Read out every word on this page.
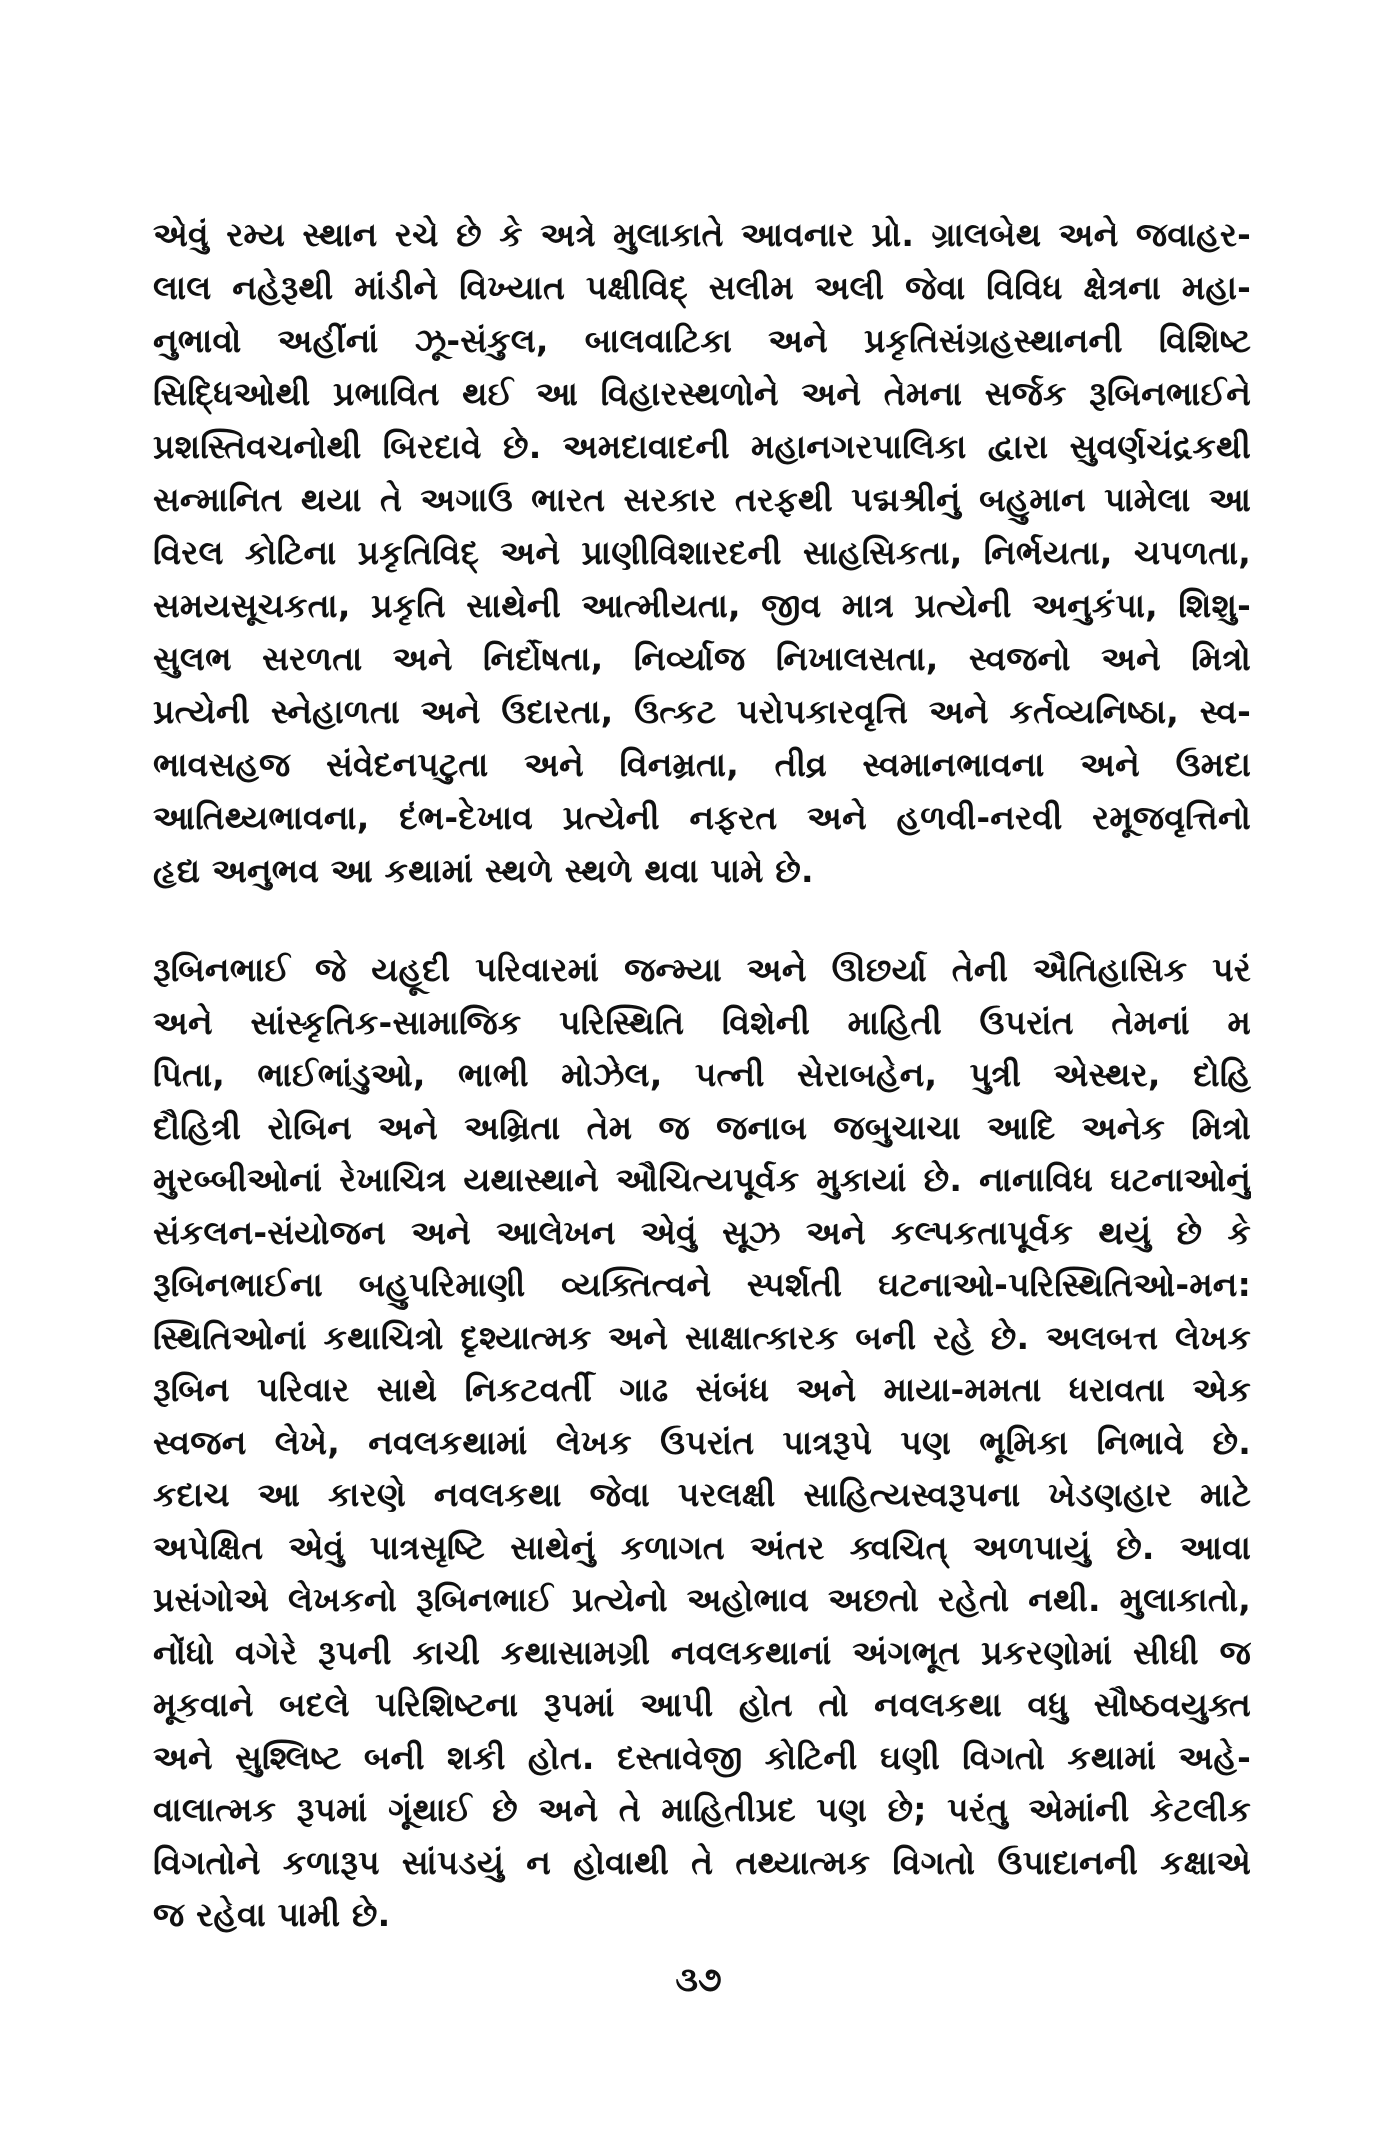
એવું રમ્ય સ્થાન રચે છે કે અત્રે મુલાકાતે આવનાર પ્રો. ગ્રાલબેથ અને જવાહર-
લાલ નહેરૂથી માંડીને વિખ્યાત પક્ષીવિદ્ સલીમ અલી જેવા વિવિધ ક્ષેત્રના મહા-
નુભાવો અહીંનાં ઝૂ-સંકુલ, બાલવાટિકા અને પ્રકૃતિસંગ્રહસ્થાનની વિશિષ્ટ
સિદ્ધિઓથી પ્રભાવિત થઈ આ વિહારસ્થળોને અને તેમના સર્જક રૂબિનભાઈને
પ્રશસ્તિવચનોથી બિરદાવે છે. અમદાવાદની મહાનગરપાલિકા દ્વારા સુવર્ણચંદ્રકથી
સન્માનિત થયા તે અગાઉ ભારત સરકાર તરફથી પદ્મશ્રીનું બહુમાન પામેલા આ
વિરલ કોટિના પ્રકૃતિવિદ્ અને પ્રાણીવિશારદની સાહસિકતા, નિર્ભયતા, ચપળતા,
સમયસૂચકતા, પ્રકૃતિ સાથેની આત્મીયતા, જીવ માત્ર પ્રત્યેની અનુકંપા, શિશુ-
સુલભ સરળતા અને નિર્દોષતા, નિર્વ્યાજ નિખાલસતા, સ્વજનો અને મિત્રો
પ્રત્યેની સ્નેહાળતા અને ઉદારતા, ઉત્કટ પરોપકારવૃત્તિ અને કર્તવ્યનિષ્ઠા, સ્વ-
ભાવસહજ સંવેદનપટુતા અને વિનમ્રતા, તીવ્ર સ્વમાનભાવના અને ઉમદા
આતિથ્યભાવના, દંભ-દેખાવ પ્રત્યેની નફરત અને હળવી-નરવી રમૂજવૃત્તિનો
હૃદ્ય અનુભવ આ કથામાં સ્થળે સ્થળે થવા પામે છે.
રૂબિનભાઈ જે યહૂદી પરિવારમાં જન્મ્યા અને ઊછર્યા તેની ઐતિહાસિક પરં
અને સાંસ્કૃતિક-સામાજિક પરિસ્થિતિ વિશેની માહિતી ઉપરાંત તેમનાં મ
પિતા, ભાઈભાંડુઓ, ભાભી મોઝેલ, પત્ની સેરાબહેન, પુત્રી એસ્થર, દોહિ
દૌહિત્રી રોબિન અને અમ્રિતા તેમ જ જનાબ જબુચાચા આદિ અનેક મિત્રો
મુરબ્બીઓનાં રેખાચિત્ર યથાસ્થાને ઔચિત્યપૂર્વક મુકાયાં છે. નાનાવિધ ઘટનાઓનું
સંકલન-સંયોજન અને આલેખન એવું સૂઝ અને કલ્પકતાપૂર્વક થયું છે કે
રૂબિનભાઈના બહુપરિમાણી વ્યક્તિત્વને સ્પર્શતી ઘટનાઓ-પરિસ્થિતિઓ-મન:
સ્થિતિઓનાં કથાચિત્રો દૃશ્યાત્મક અને સાક્ષાત્કારક બની રહે છે. અલબત્ત લેખક
રૂબિન પરિવાર સાથે નિકટવર્તી ગાઢ સંબંધ અને માયા-મમતા ધરાવતા એક
સ્વજન લેખે, નવલકથામાં લેખક ઉપરાંત પાત્રરૂપે પણ ભૂમિકા નિભાવે છે.
કદાચ આ કારણે નવલકથા જેવા પરલક્ષી સાહિત્યસ્વરૂપના ખેડણહાર માટે
અપેક્ષિત એવું પાત્રસૃષ્ટિ સાથેનું કળાગત અંતર ક્વચિત્ અળપાયું છે. આવા
પ્રસંગોએ લેખકનો રૂબિનભાઈ પ્રત્યેનો અહોભાવ અછતો રહેતો નથી. મુલાકાતો,
નોંધો વગેરે રૂપની કાચી કથાસામગ્રી નવલકથાનાં અંગભૂત પ્રકરણોમાં સીધી જ
મૂકવાને બદલે પરિશિષ્ટના રૂપમાં આપી હોત તો નવલકથા વધુ સૌષ્ઠવયુક્ત
અને સુશ્લિષ્ટ બની શકી હોત. દસ્તાવેજી કોટિની ઘણી વિગતો કથામાં અહે-
વાલાત્મક રૂપમાં ગૂંથાઈ છે અને તે માહિતીપ્રદ પણ છે; પરંતુ એમાંની કેટલીક
વિગતોને કળારૂપ સાંપડયું ન હોવાથી તે તથ્યાત્મક વિગતો ઉપાદાનની કક્ષાએ
જ રહેવા પામી છે.
૩૭
